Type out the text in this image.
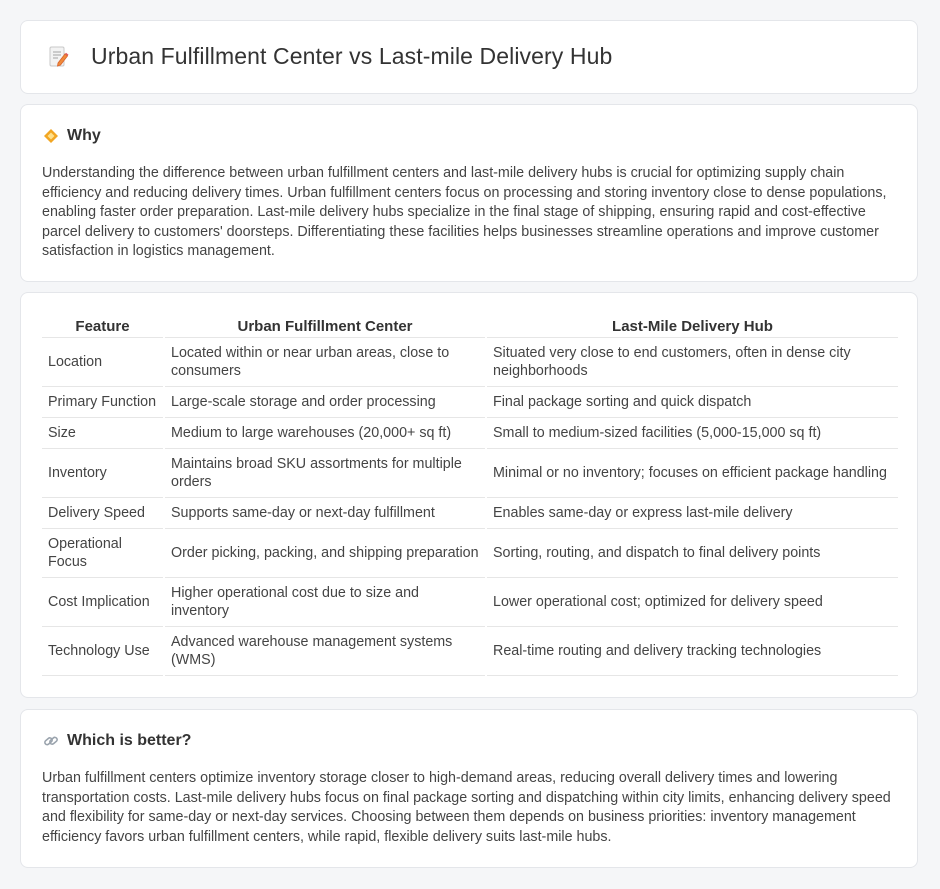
Urban Fulfillment Center vs Last-mile Delivery Hub
Why

Understanding the difference between urban fulfillment centers and last-mile delivery hubs is crucial for optimizing supply chain efficiency and reducing delivery times. Urban fulfillment centers focus on processing and storing inventory close to dense populations, enabling faster order preparation. Last-mile delivery hubs specialize in the final stage of shipping, ensuring rapid and cost-effective parcel delivery to customers' doorsteps. Differentiating these facilities helps businesses streamline operations and improve customer satisfaction in logistics management.

Feature	Urban Fulfillment Center	Last-Mile Delivery Hub
Location	Located within or near urban areas, close to consumers	Situated very close to end customers, often in dense city neighborhoods
Primary Function	Large-scale storage and order processing	Final package sorting and quick dispatch
Size	Medium to large warehouses (20,000+ sq ft)	Small to medium-sized facilities (5,000-15,000 sq ft)
Inventory	Maintains broad SKU assortments for multiple orders	Minimal or no inventory; focuses on efficient package handling
Delivery Speed	Supports same-day or next-day fulfillment	Enables same-day or express last-mile delivery
Operational Focus	Order picking, packing, and shipping preparation	Sorting, routing, and dispatch to final delivery points
Cost Implication	Higher operational cost due to size and inventory	Lower operational cost; optimized for delivery speed
Technology Use	Advanced warehouse management systems (WMS)	Real-time routing and delivery tracking technologies
Which is better?

Urban fulfillment centers optimize inventory storage closer to high-demand areas, reducing overall delivery times and lowering transportation costs. Last-mile delivery hubs focus on final package sorting and dispatching within city limits, enhancing delivery speed and flexibility for same-day or next-day services. Choosing between them depends on business priorities: inventory management efficiency favors urban fulfillment centers, while rapid, flexible delivery suits last-mile hubs.
